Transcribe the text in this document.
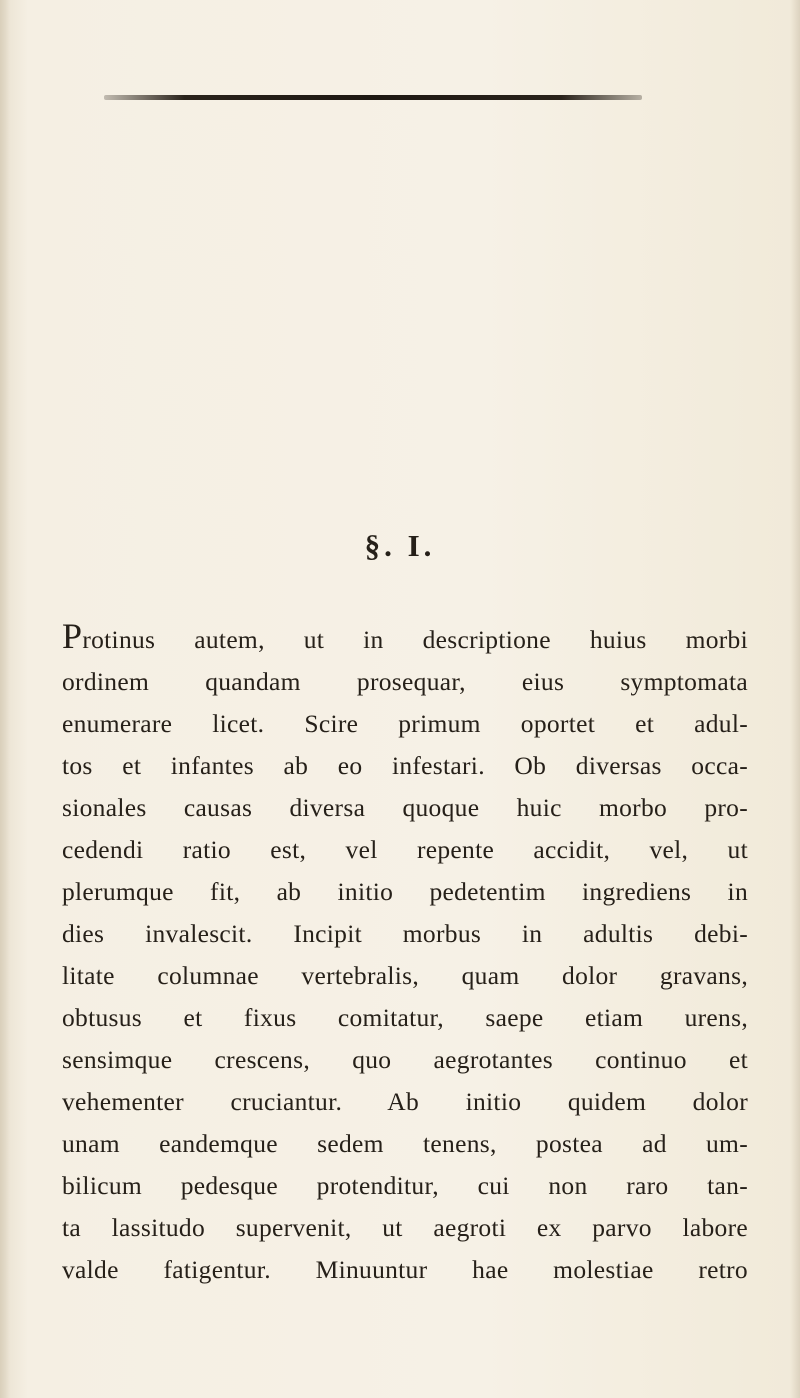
§. I.
Protinus autem, ut in descriptione huius morbi
ordinem quandam prosequar, eius symptomata
enumerare licet. Scire primum oportet et adul-
tos et infantes ab eo infestari. Ob diversas occa-
sionales causas diversa quoque huic morbo pro-
cedendi ratio est, vel repente accidit, vel, ut
plerumque fit, ab initio pedetentim ingrediens in
dies invalescit. Incipit morbus in adultis debi-
litate columnae vertebralis, quam dolor gravans,
obtusus et fixus comitatur, saepe etiam urens,
sensimque crescens, quo aegrotantes continuo et
vehementer cruciantur. Ab initio quidem dolor
unam eandemque sedem tenens, postea ad um-
bilicum pedesque protenditur, cui non raro tan-
ta lassitudo supervenit, ut aegroti ex parvo labore
valde fatigentur. Minuuntur hae molestiae retro
